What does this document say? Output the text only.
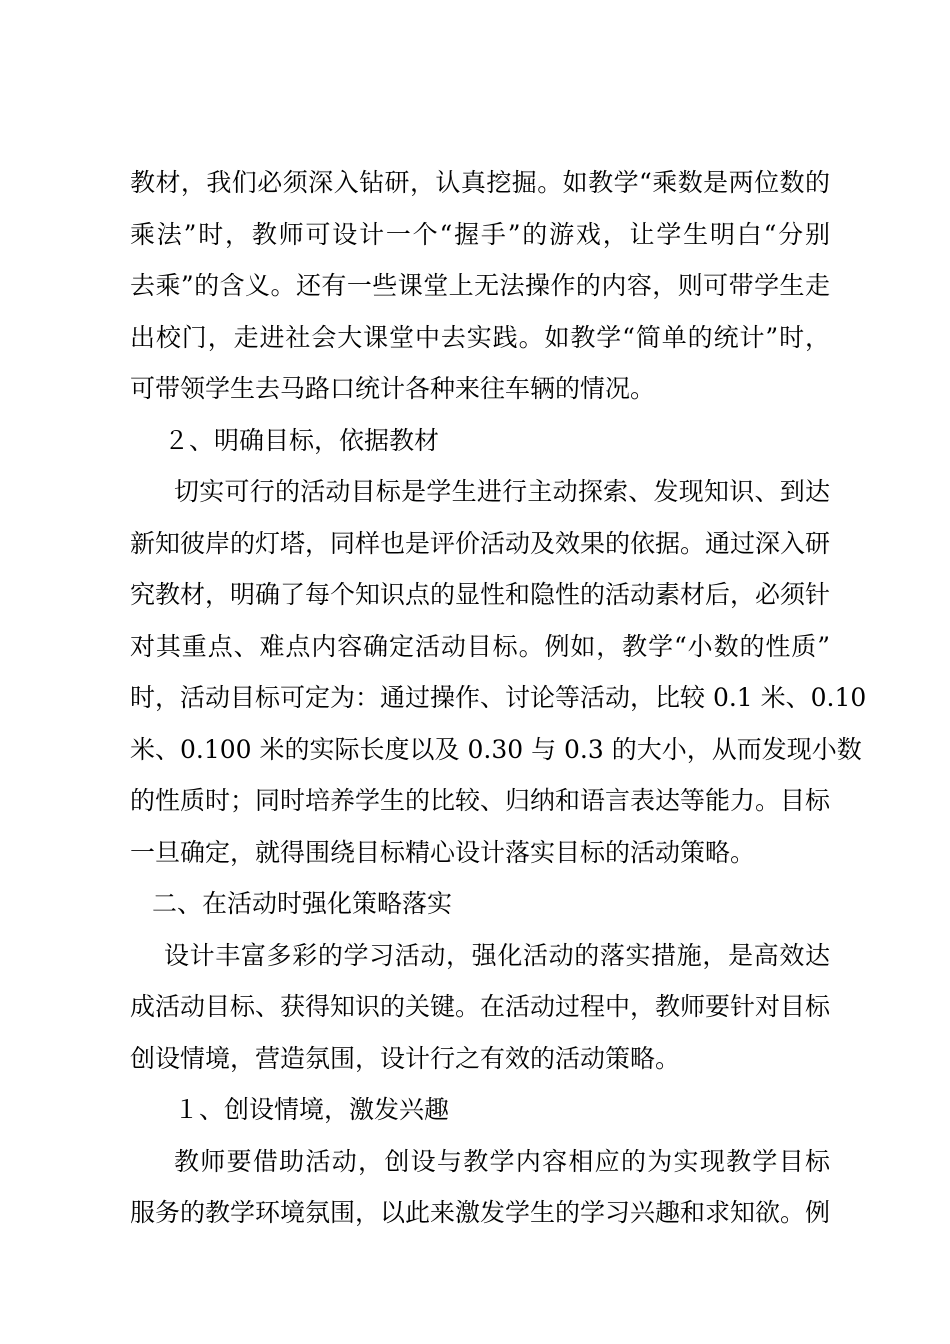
教材，我们必须深入钻研，认真挖掘。如教学“乘数是两位数的
乘法”时，教师可设计一个“握手”的游戏，让学生明白“分别
去乘”的含义。还有一些课堂上无法操作的内容，则可带学生走
出校门，走进社会大课堂中去实践。如教学“简单的统计”时，
可带领学生去马路口统计各种来往车辆的情况。
２、明确目标，依据教材
切实可行的活动目标是学生进行主动探索、发现知识、到达
新知彼岸的灯塔，同样也是评价活动及效果的依据。通过深入研
究教材，明确了每个知识点的显性和隐性的活动素材后，必须针
对其重点、难点内容确定活动目标。例如，教学“小数的性质”
时，活动目标可定为：通过操作、讨论等活动，比较 0.1 米、0.10
米、0.100 米的实际长度以及 0.30 与 0.3 的大小，从而发现小数
的性质时；同时培养学生的比较、归纳和语言表达等能力。目标
一旦确定，就得围绕目标精心设计落实目标的活动策略。
二、在活动时强化策略落实
设计丰富多彩的学习活动，强化活动的落实措施，是高效达
成活动目标、获得知识的关键。在活动过程中，教师要针对目标
创设情境，营造氛围，设计行之有效的活动策略。
１、创设情境，激发兴趣
教师要借助活动，创设与教学内容相应的为实现教学目标
服务的教学环境氛围，以此来激发学生的学习兴趣和求知欲。例
